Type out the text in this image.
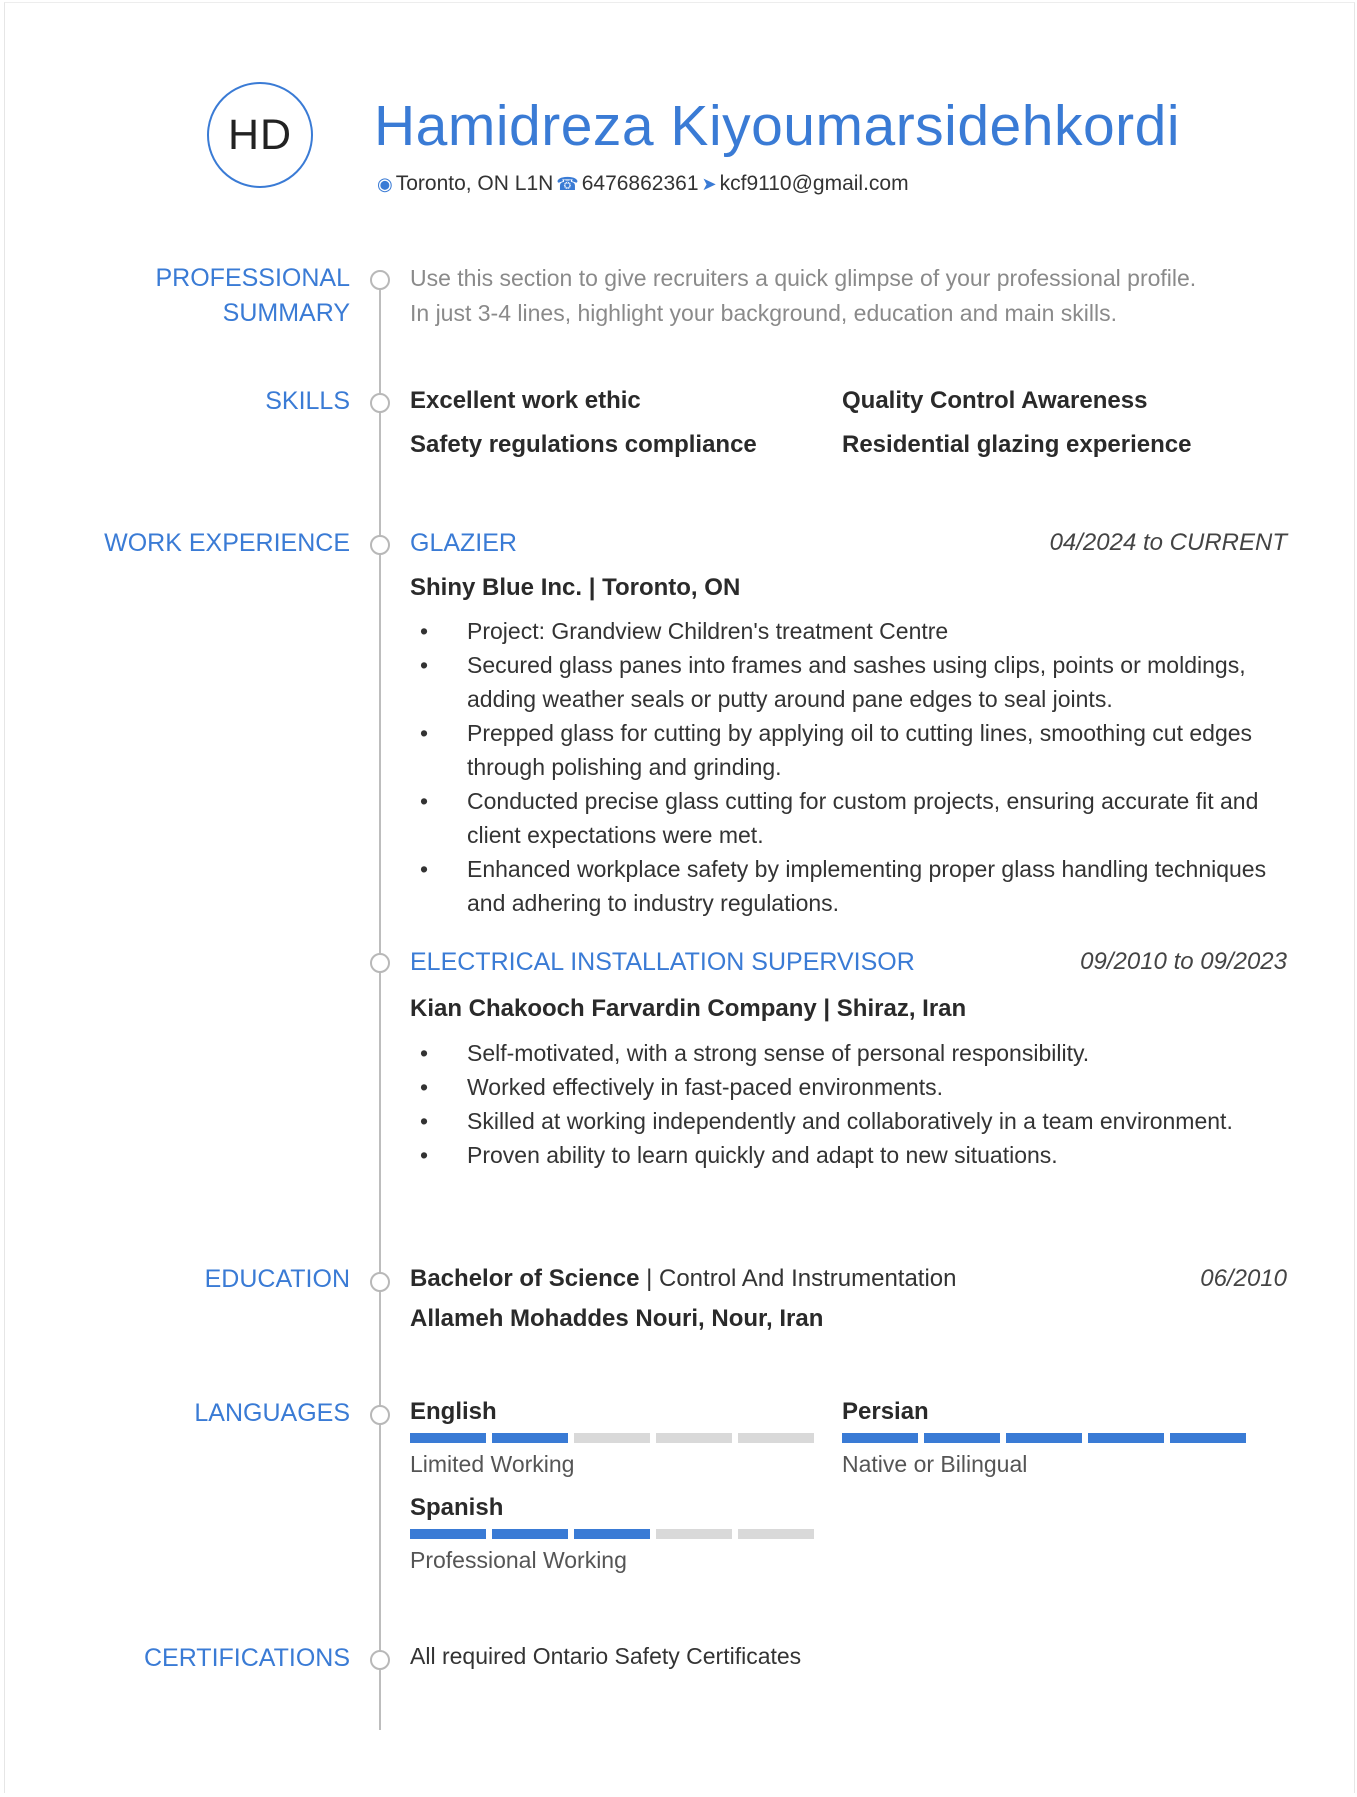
HD Hamidreza Kiyoumarsidehkordi
◉ Toronto, ON L1N ☎ 6476862361 ➤ kcf9110@gmail.com
PROFESSIONAL
SUMMARY
Use this section to give recruiters a quick glimpse of your professional profile.
In just 3-4 lines, highlight your background, education and main skills.
SKILLS	Excellent work ethic	Quality Control Awareness
Safety regulations compliance	Residential glazing experience
WORK EXPERIENCE GLAZIER	04/2024 to CURRENT
Shiny Blue Inc. | Toronto, ON
• Project: Grandview Children's treatment Centre
• Secured glass panes into frames and sashes using clips, points or moldings, adding weather seals or putty around pane edges to seal joints.
• Prepped glass for cutting by applying oil to cutting lines, smoothing cut edges through polishing and grinding.
• Conducted precise glass cutting for custom projects, ensuring accurate fit and client expectations were met.
• Enhanced workplace safety by implementing proper glass handling techniques and adhering to industry regulations.
ELECTRICAL INSTALLATION SUPERVISOR	09/2010 to 09/2023
Kian Chakooch Farvardin Company | Shiraz, Iran
• Self-motivated, with a strong sense of personal responsibility.
• Worked effectively in fast-paced environments.
• Skilled at working independently and collaboratively in a team environment.
• Proven ability to learn quickly and adapt to new situations.
EDUCATION	Bachelor of Science | Control And Instrumentation	06/2010
Allameh Mohaddes Nouri, Nour, Iran
LANGUAGES	English
Limited Working
Persian
Native or Bilingual
Spanish
Professional Working
CERTIFICATIONS	All required Ontario Safety Certificates
